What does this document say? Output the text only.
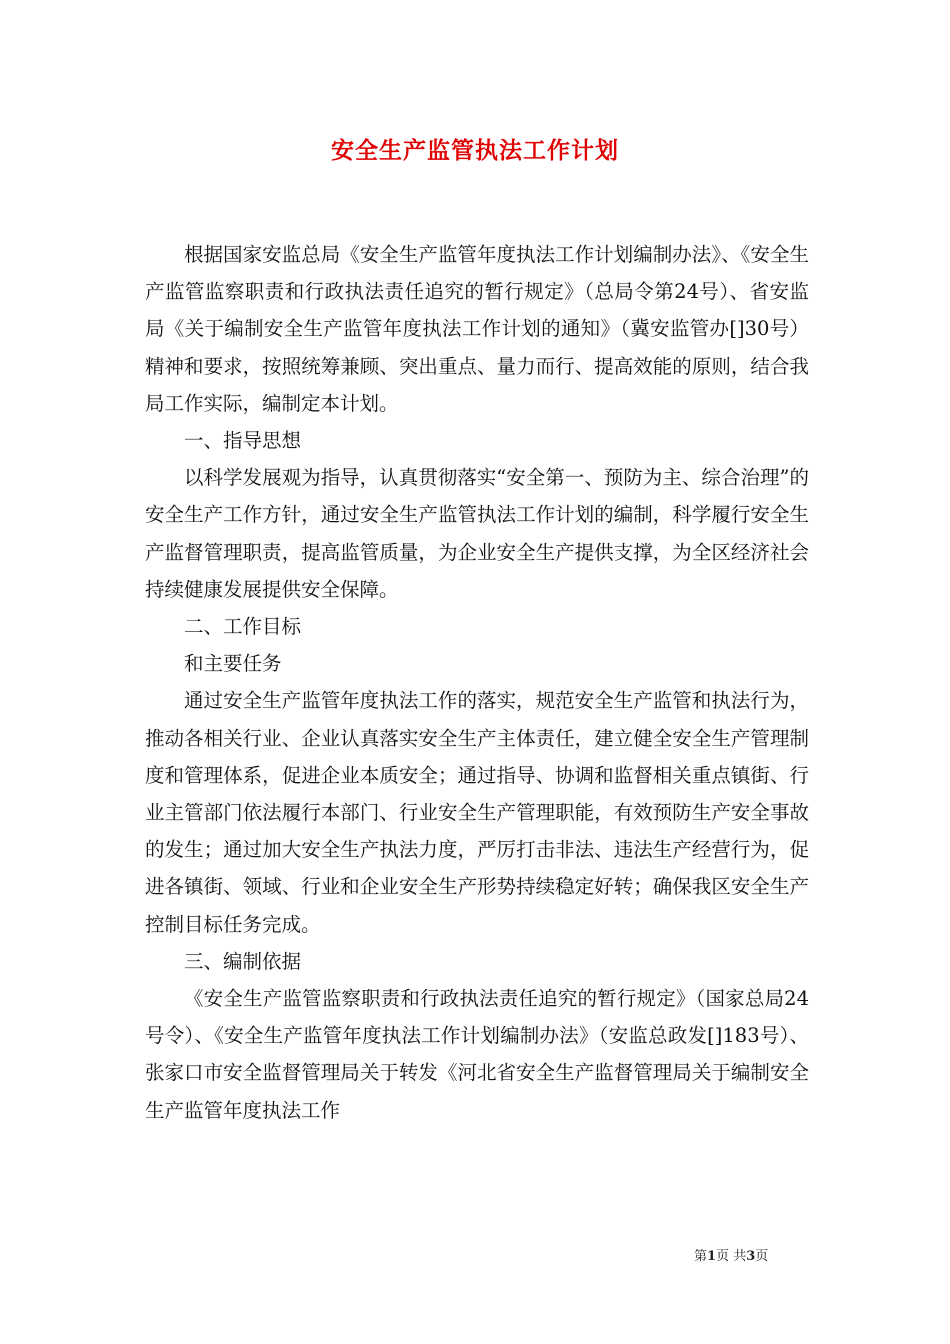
安全生产监管执法工作计划

根据国家安监总局《安全生产监管年度执法工作计划编制办法》、《安全生产监管监察职责和行政执法责任追究的暂行规定》（总局令第24号）、省安监局《关于编制安全生产监管年度执法工作计划的通知》（冀安监管办[]30号）精神和要求，按照统筹兼顾、突出重点、量力而行、提高效能的原则，结合我局工作实际，编制定本计划。

一、指导思想

以科学发展观为指导，认真贯彻落实“安全第一、预防为主、综合治理”的安全生产工作方针，通过安全生产监管执法工作计划的编制，科学履行安全生产监督管理职责，提高监管质量，为企业安全生产提供支撑，为全区经济社会持续健康发展提供安全保障。

二、工作目标

和主要任务

通过安全生产监管年度执法工作的落实，规范安全生产监管和执法行为，推动各相关行业、企业认真落实安全生产主体责任，建立健全安全生产管理制度和管理体系，促进企业本质安全；通过指导、协调和监督相关重点镇街、行业主管部门依法履行本部门、行业安全生产管理职能，有效预防生产安全事故的发生；通过加大安全生产执法力度，严厉打击非法、违法生产经营行为，促进各镇街、领域、行业和企业安全生产形势持续稳定好转；确保我区安全生产控制目标任务完成。

三、编制依据

《安全生产监管监察职责和行政执法责任追究的暂行规定》（国家总局24号令）、《安全生产监管年度执法工作计划编制办法》（安监总政发[]183号）、张家口市安全监督管理局关于转发《河北省安全生产监督管理局关于编制安全生产监管年度执法工作

第1页 共3页
